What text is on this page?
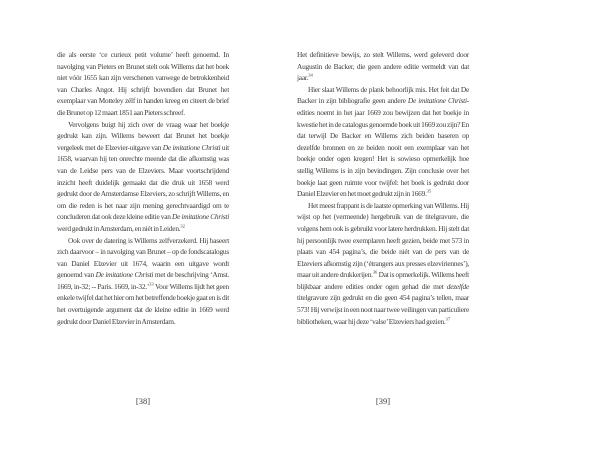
die als eerste ‘ce curieux petit volume’ heeft genoemd. In navolging van Pieters en Brunet stelt ook Willems dat het boek niet vóór 1655 kan zijn verschenen vanwege de betrokkenheid van Charles Angot. Hij schrijft bovendien dat Brunet het exemplaar van Motteley zélf in handen kreeg en citeert de brief die Brunet op 12 maart 1851 aan Pieters schreef.

Vervolgens buigt hij zich over de vraag waar het boekje gedrukt kan zijn. Willems beweert dat Brunet het boekje vergeleek met de Elzevier-uitgave van De imitatione Christi uit 1658, waarvan hij ten onrechte meende dat die afkomstig was van de Leidse pers van de Elzeviers. Maar voortschrijdend inzicht heeft duidelijk gemaakt dat die druk uit 1658 werd gedrukt door de Amsterdamse Elzeviers, zo schrijft Willems, en om die reden is het naar zijn mening gerechtvaardigd om te concluderen dat ook deze kleine editie van De imitatione Christi werd gedrukt in Amsterdam, en niét in Leiden.$^{32}$

Ook over de datering is Willems zelfverzekerd. Hij baseert zich daarvoor – in navolging van Brunet – op de fondscatalogus van Daniel Elzevier uit 1674, waarin een uitgave wordt genoemd van De imitatione Christi met de beschrijving ‘Amst. 1669, in-32; -- Paris. 1669, in-32.’$^{33}$ Voor Willems lijdt het geen enkele twijfel dat het hier om het betreffende boekje gaat en is dit het overtuigende argument dat de kleine editie in 1669 werd gedrukt door Daniel Elzevier in Amsterdam.

Het definitieve bewijs, zo stelt Willems, werd geleverd door Augustin de Backer, die geen andere editie vermeldt van dat jaar.$^{34}$

Hier slaat Willems de plank behoorlijk mis. Het feit dat De Backer in zijn bibliografie geen andere De imitatione Christi-edities noemt in het jaar 1669 zou bewijzen dat het boekje in kwestie het in de catalogus genoemde boek uit 1669 zou zijn? En dat terwijl De Backer en Willems zich beiden baseren op dezelfde bronnen en ze beiden nooit een exemplaar van het boekje onder ogen kregen! Het is sowieso opmerkelijk hoe stellig Willems is in zijn bevindingen. Zijn conclusie over het boekje laat geen ruimte voor twijfel: het boek is gedrukt door Daniel Elzevier en het moet gedrukt zijn in 1669.35

Het meest frappant is de laatste opmerking van Willems. Hij wijst op het (vermeende) hergebruik van de titelgravure, die volgens hem ook is gebruikt voor latere herdrukken. Hij stelt dat hij persoonlijk twee exemplaren heeft gezien, beide met 573 in plaats van 454 pagina’s, die beide niét van de pers van de Elzeviers afkomstig zijn (‘étrangers aux presses elzeviriennes’), maar uit andere drukkerijen.$^{36}$ Dat is opmerkelijk. Willems heeft blijkbaar andere edities onder ogen gehad die met dezelfde titelgravure zijn gedrukt en die geen 454 pagina’s tellen, maar 573! Hij verwijst in een noot naar twee veilingen van particuliere bibliotheken, waar hij deze ‘valse’ Elzeviers had gezien.$^{37}$

[38]	[39]
